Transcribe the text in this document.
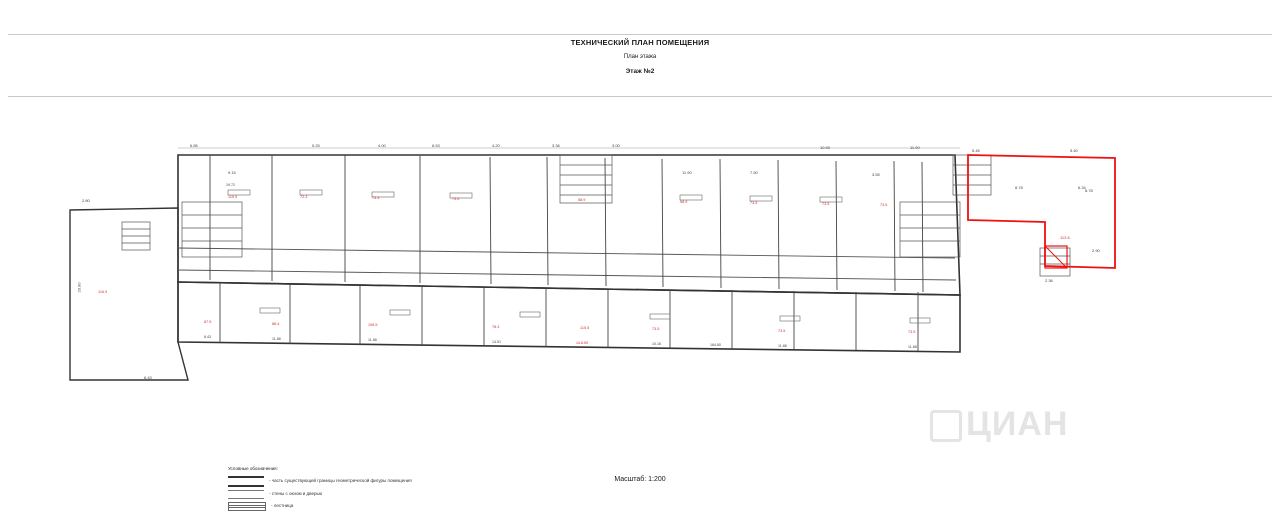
ТЕХНИЧЕСКИЙ ПЛАН ПОМЕЩЕНИЯ
План этажа
Этаж №2
6.85
9.15
5.25	4.00	6.53	4.20	3.36	3.00
11.90	7.50
10.90
3.55
11.90
5.45	5.40
6.34
2.80
20.90
6.43
8.78
2.90
2.36
19.72
115.5	72.3	73.3	73.5	58.9	58.9	73.5	73.5	73.5
87.5
8.43
88.4
11.88
108.5
11.88
78.3
14.51
115.5
14.8.50
73.5
10.16	164.80
73.5
11.88
73.5
11.88
116.9
113.6
8.78
Масштаб: 1:200
Условные обозначения:
- часть существующей границы геометрической фигуры помещения
- стены с окном и дверью
- лестница
ЦИАН
